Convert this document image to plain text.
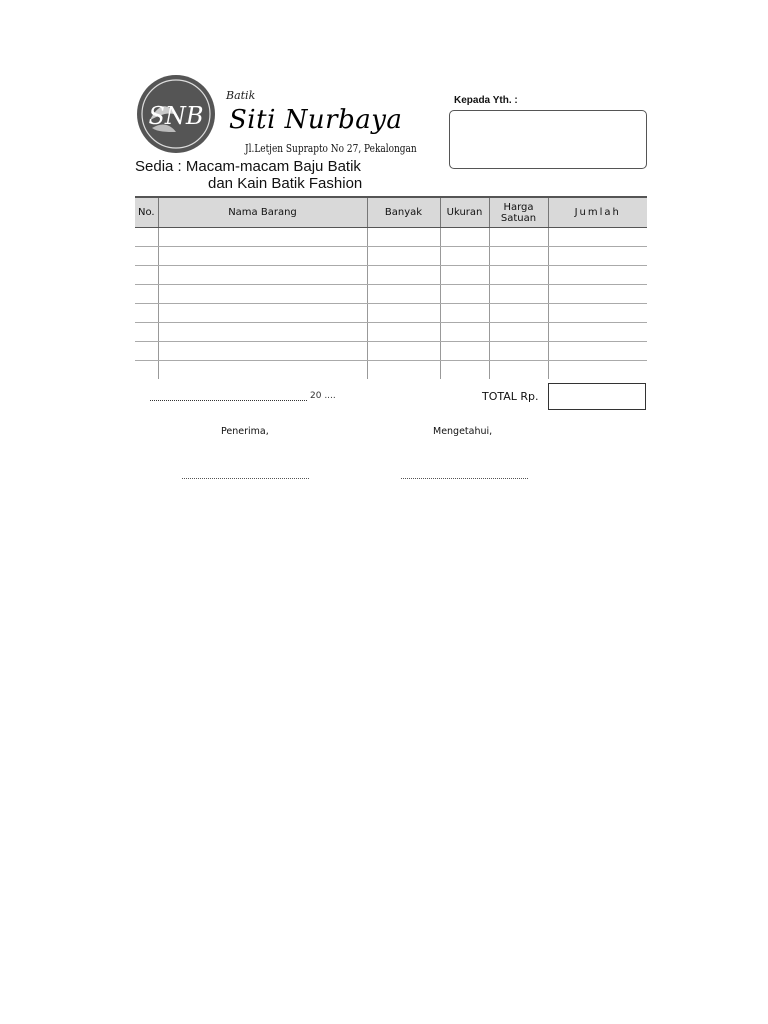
SNB
Batik
Siti Nurbaya
Jl.Letjen Suprapto No 27, Pekalongan
Sedia : Macam-macam Baju Batik
dan Kain Batik Fashion
Kepada Yth. :
No.	Nama Barang	Banyak	Ukuran	Harga Satuan	Jumlah

20 ....	TOTAL Rp.
Penerima,	Mengetahui,
